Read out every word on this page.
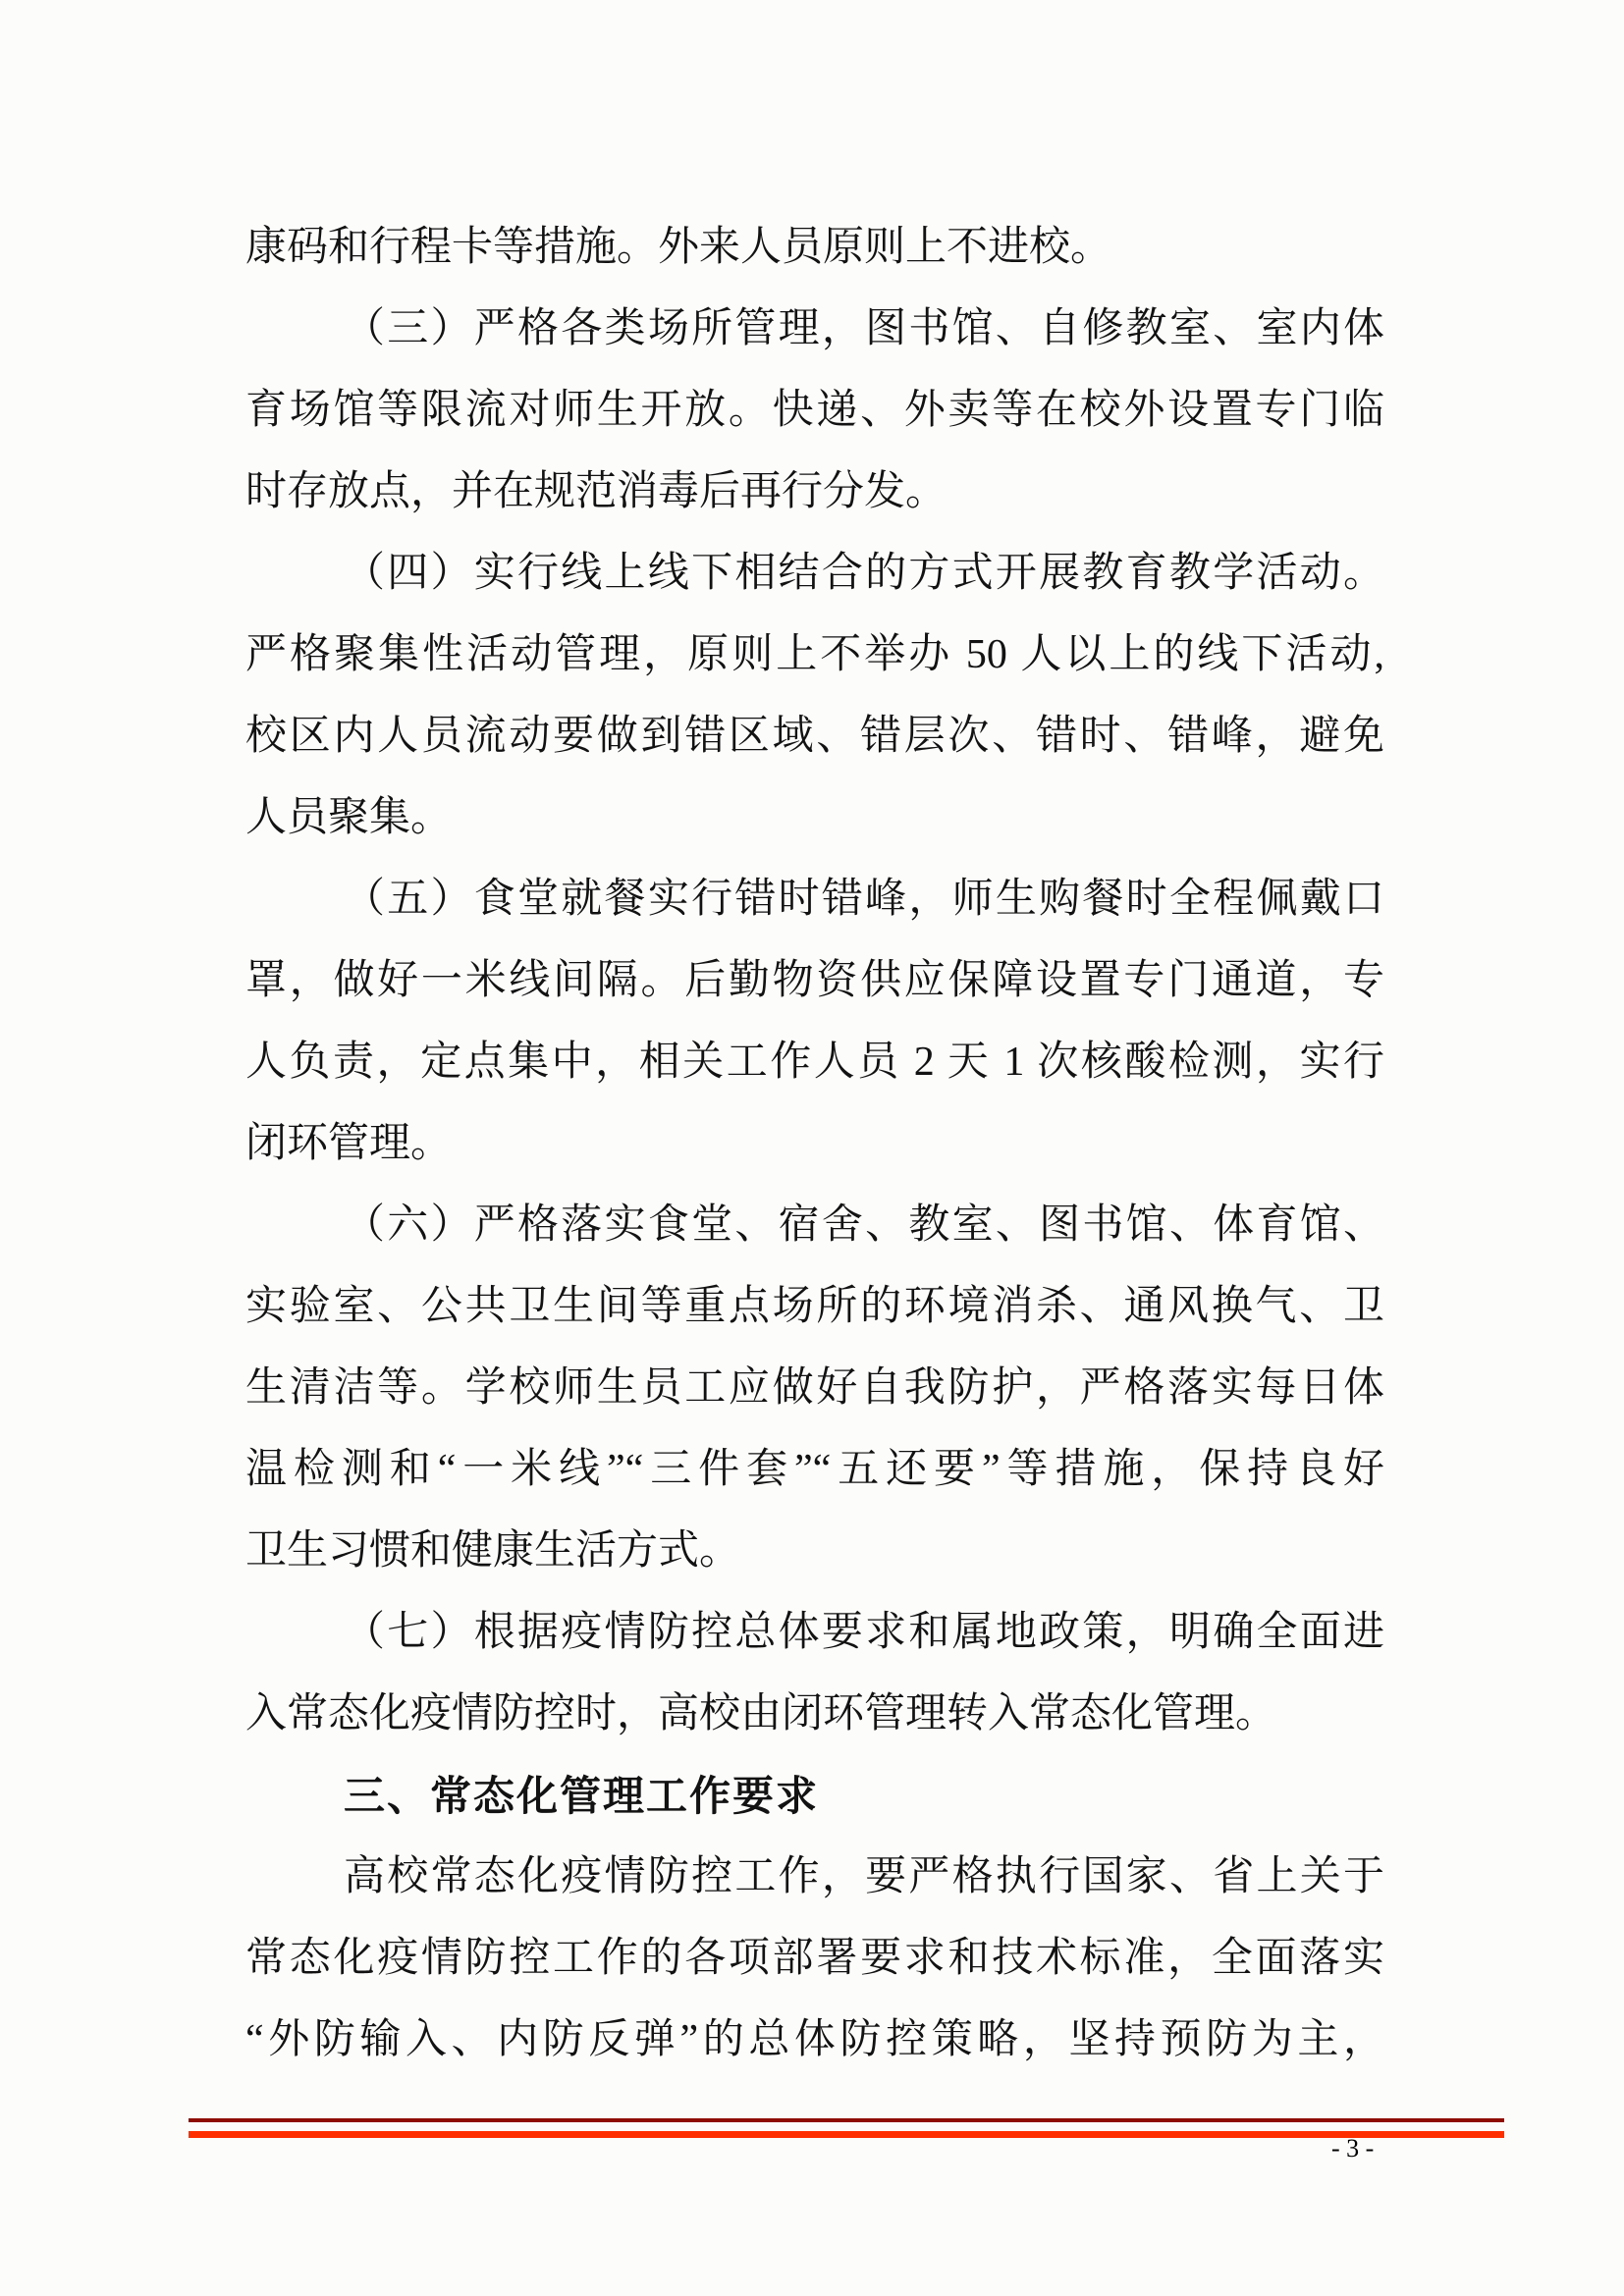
康码和行程卡等措施。外来人员原则上不进校。
（三）严格各类场所管理，图书馆、自修教室、室内体
育场馆等限流对师生开放。快递、外卖等在校外设置专门临
时存放点，并在规范消毒后再行分发。
（四）实行线上线下相结合的方式开展教育教学活动。
严格聚集性活动管理，原则上不举办 50 人以上的线下活动,
校区内人员流动要做到错区域、错层次、错时、错峰，避免
人员聚集。
（五）食堂就餐实行错时错峰，师生购餐时全程佩戴口
罩，做好一米线间隔。后勤物资供应保障设置专门通道，专
人负责，定点集中，相关工作人员 2 天 1 次核酸检测，实行
闭环管理。
（六）严格落实食堂、宿舍、教室、图书馆、体育馆、
实验室、公共卫生间等重点场所的环境消杀、通风换气、卫
生清洁等。学校师生员工应做好自我防护，严格落实每日体
温检测和“一米线”“三件套”“五还要”等措施，保持良好
卫生习惯和健康生活方式。
（七）根据疫情防控总体要求和属地政策，明确全面进
入常态化疫情防控时，高校由闭环管理转入常态化管理。
三、常态化管理工作要求
高校常态化疫情防控工作，要严格执行国家、省上关于
常态化疫情防控工作的各项部署要求和技术标准，全面落实
“外防输入、内防反弹”的总体防控策略，坚持预防为主，
- 3 -
